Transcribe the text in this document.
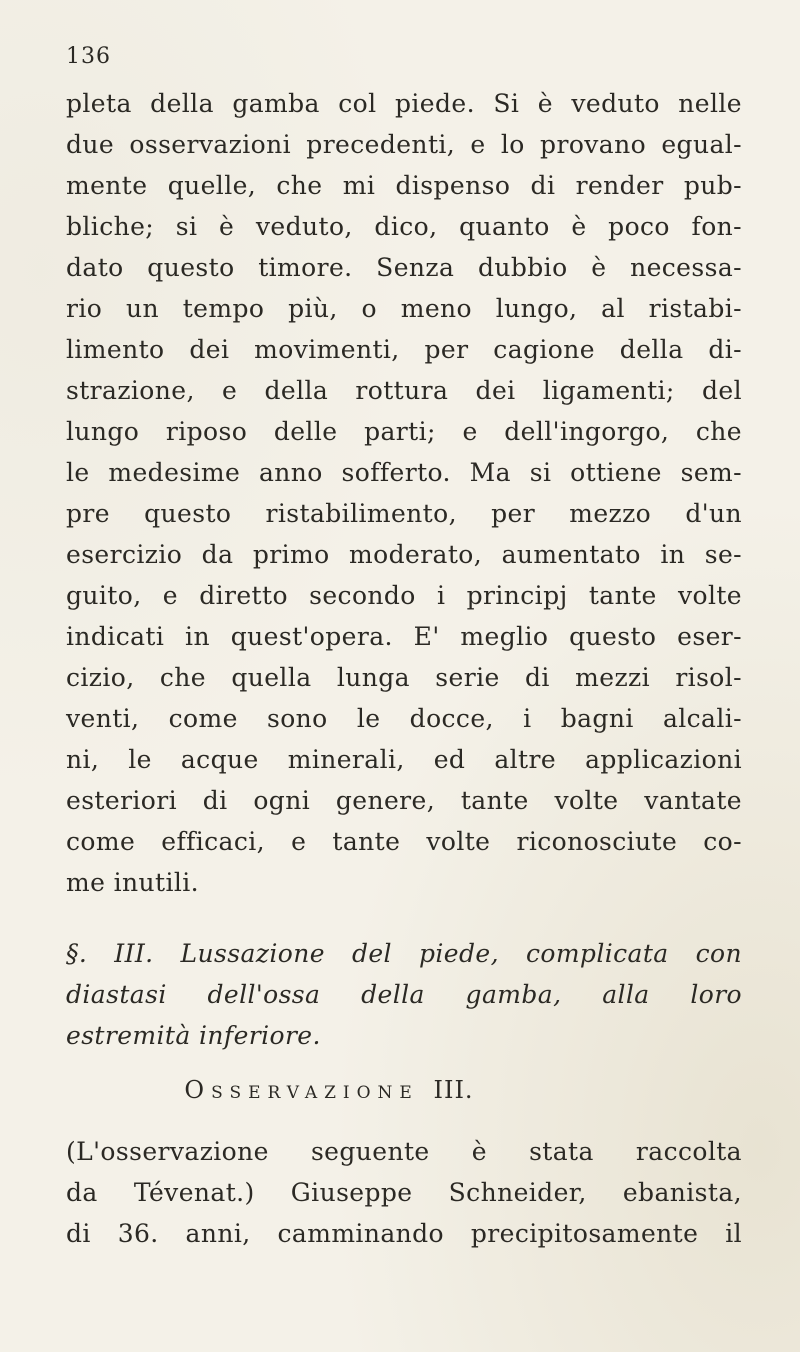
136
pleta della gamba col piede. Si è veduto nelle
due osservazioni precedenti, e lo provano egual-
mente quelle, che mi dispenso di render pub-
bliche; si è veduto, dico, quanto è poco fon-
dato questo timore. Senza dubbio è necessa-
rio un tempo più, o meno lungo, al ristabi-
limento dei movimenti, per cagione della di-
strazione, e della rottura dei ligamenti; del
lungo riposo delle parti; e dell'ingorgo, che
le medesime anno sofferto. Ma si ottiene sem-
pre questo ristabilimento, per mezzo d'un
esercizio da primo moderato, aumentato in se-
guito, e diretto secondo i principj tante volte
indicati in quest'opera. E' meglio questo eser-
cizio, che quella lunga serie di mezzi risol-
venti, come sono le docce, i bagni alcali-
ni, le acque minerali, ed altre applicazioni
esteriori di ogni genere, tante volte vantate
come efficaci, e tante volte riconosciute co-
me inutili.
§. III. Lussazione del piede, complicata con
diastasi dell'ossa della gamba, alla loro
estremità inferiore.
Osservazione III.
(L'osservazione seguente è stata raccolta
da Tévenat.) Giuseppe Schneider, ebanista,
di 36. anni, camminando precipitosamente il
